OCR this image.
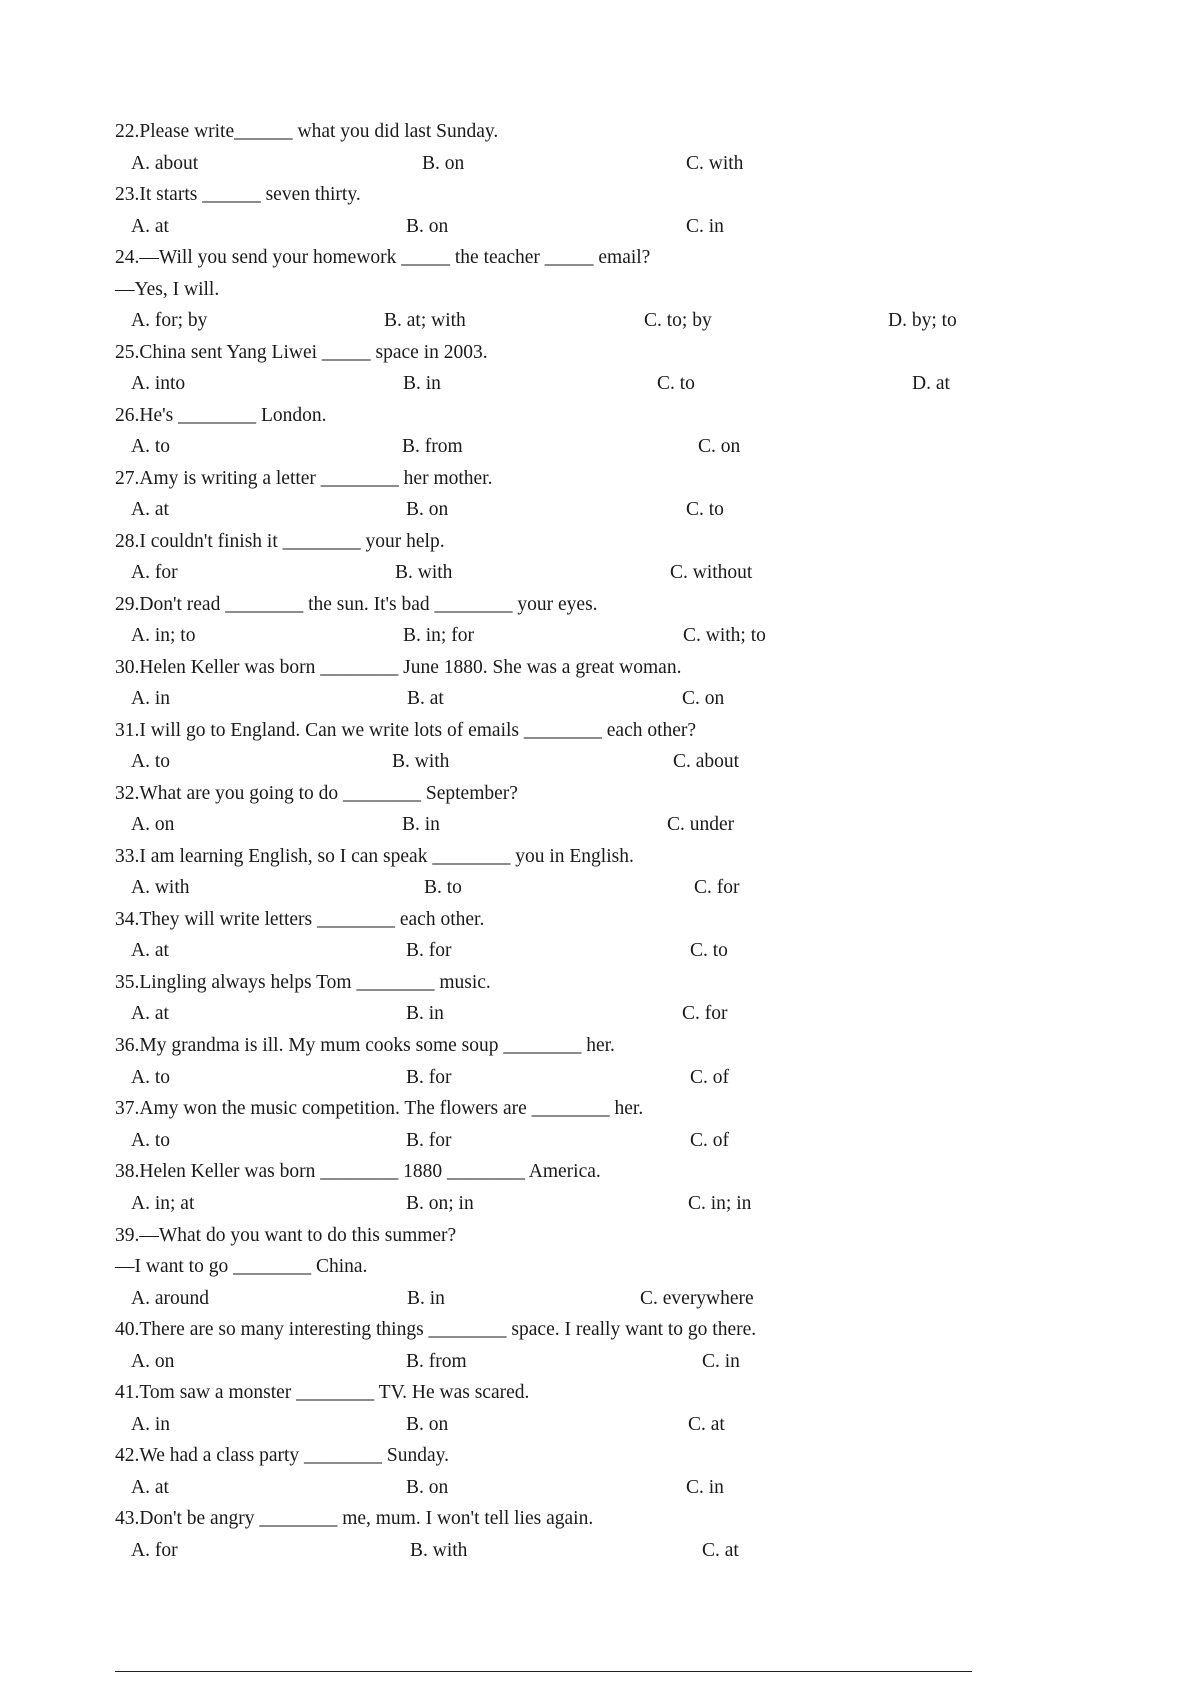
22.Please write______ what you did last Sunday.
A. about	B. on	C. with
23.It starts ______ seven thirty.
A. at	B. on	C. in
24.—Will you send your homework _____ the teacher _____ email?
—Yes, I will.
A. for; by	B. at; with	C. to; by	D. by; to
25.China sent Yang Liwei _____ space in 2003.
A. into	B. in	C. to	D. at
26.He's ________ London.
A. to	B. from	C. on
27.Amy is writing a letter ________ her mother.
A. at	B. on	C. to
28.I couldn't finish it ________ your help.
A. for	B. with	C. without
29.Don't read ________ the sun. It's bad ________ your eyes.
A. in; to	B. in; for	C. with; to
30.Helen Keller was born ________ June 1880. She was a great woman.
A. in	B. at	C. on
31.I will go to England. Can we write lots of emails ________ each other?
A. to	B. with	C. about
32.What are you going to do ________ September?
A. on	B. in	C. under
33.I am learning English, so I can speak ________ you in English.
A. with	B. to	C. for
34.They will write letters ________ each other.
A. at	B. for	C. to
35.Lingling always helps Tom ________ music.
A. at	B. in	C. for
36.My grandma is ill. My mum cooks some soup ________ her.
A. to	B. for	C. of
37.Amy won the music competition. The flowers are ________ her.
A. to	B. for	C. of
38.Helen Keller was born ________ 1880 ________ America.
A. in; at	B. on; in	C. in; in
39.—What do you want to do this summer?
—I want to go ________ China.
A. around	B. in	C. everywhere
40.There are so many interesting things ________ space. I really want to go there.
A. on	B. from	C. in
41.Tom saw a monster ________ TV. He was scared.
A. in	B. on	C. at
42.We had a class party ________ Sunday.
A. at	B. on	C. in
43.Don't be angry ________ me, mum. I won't tell lies again.
A. for	B. with	C. at
